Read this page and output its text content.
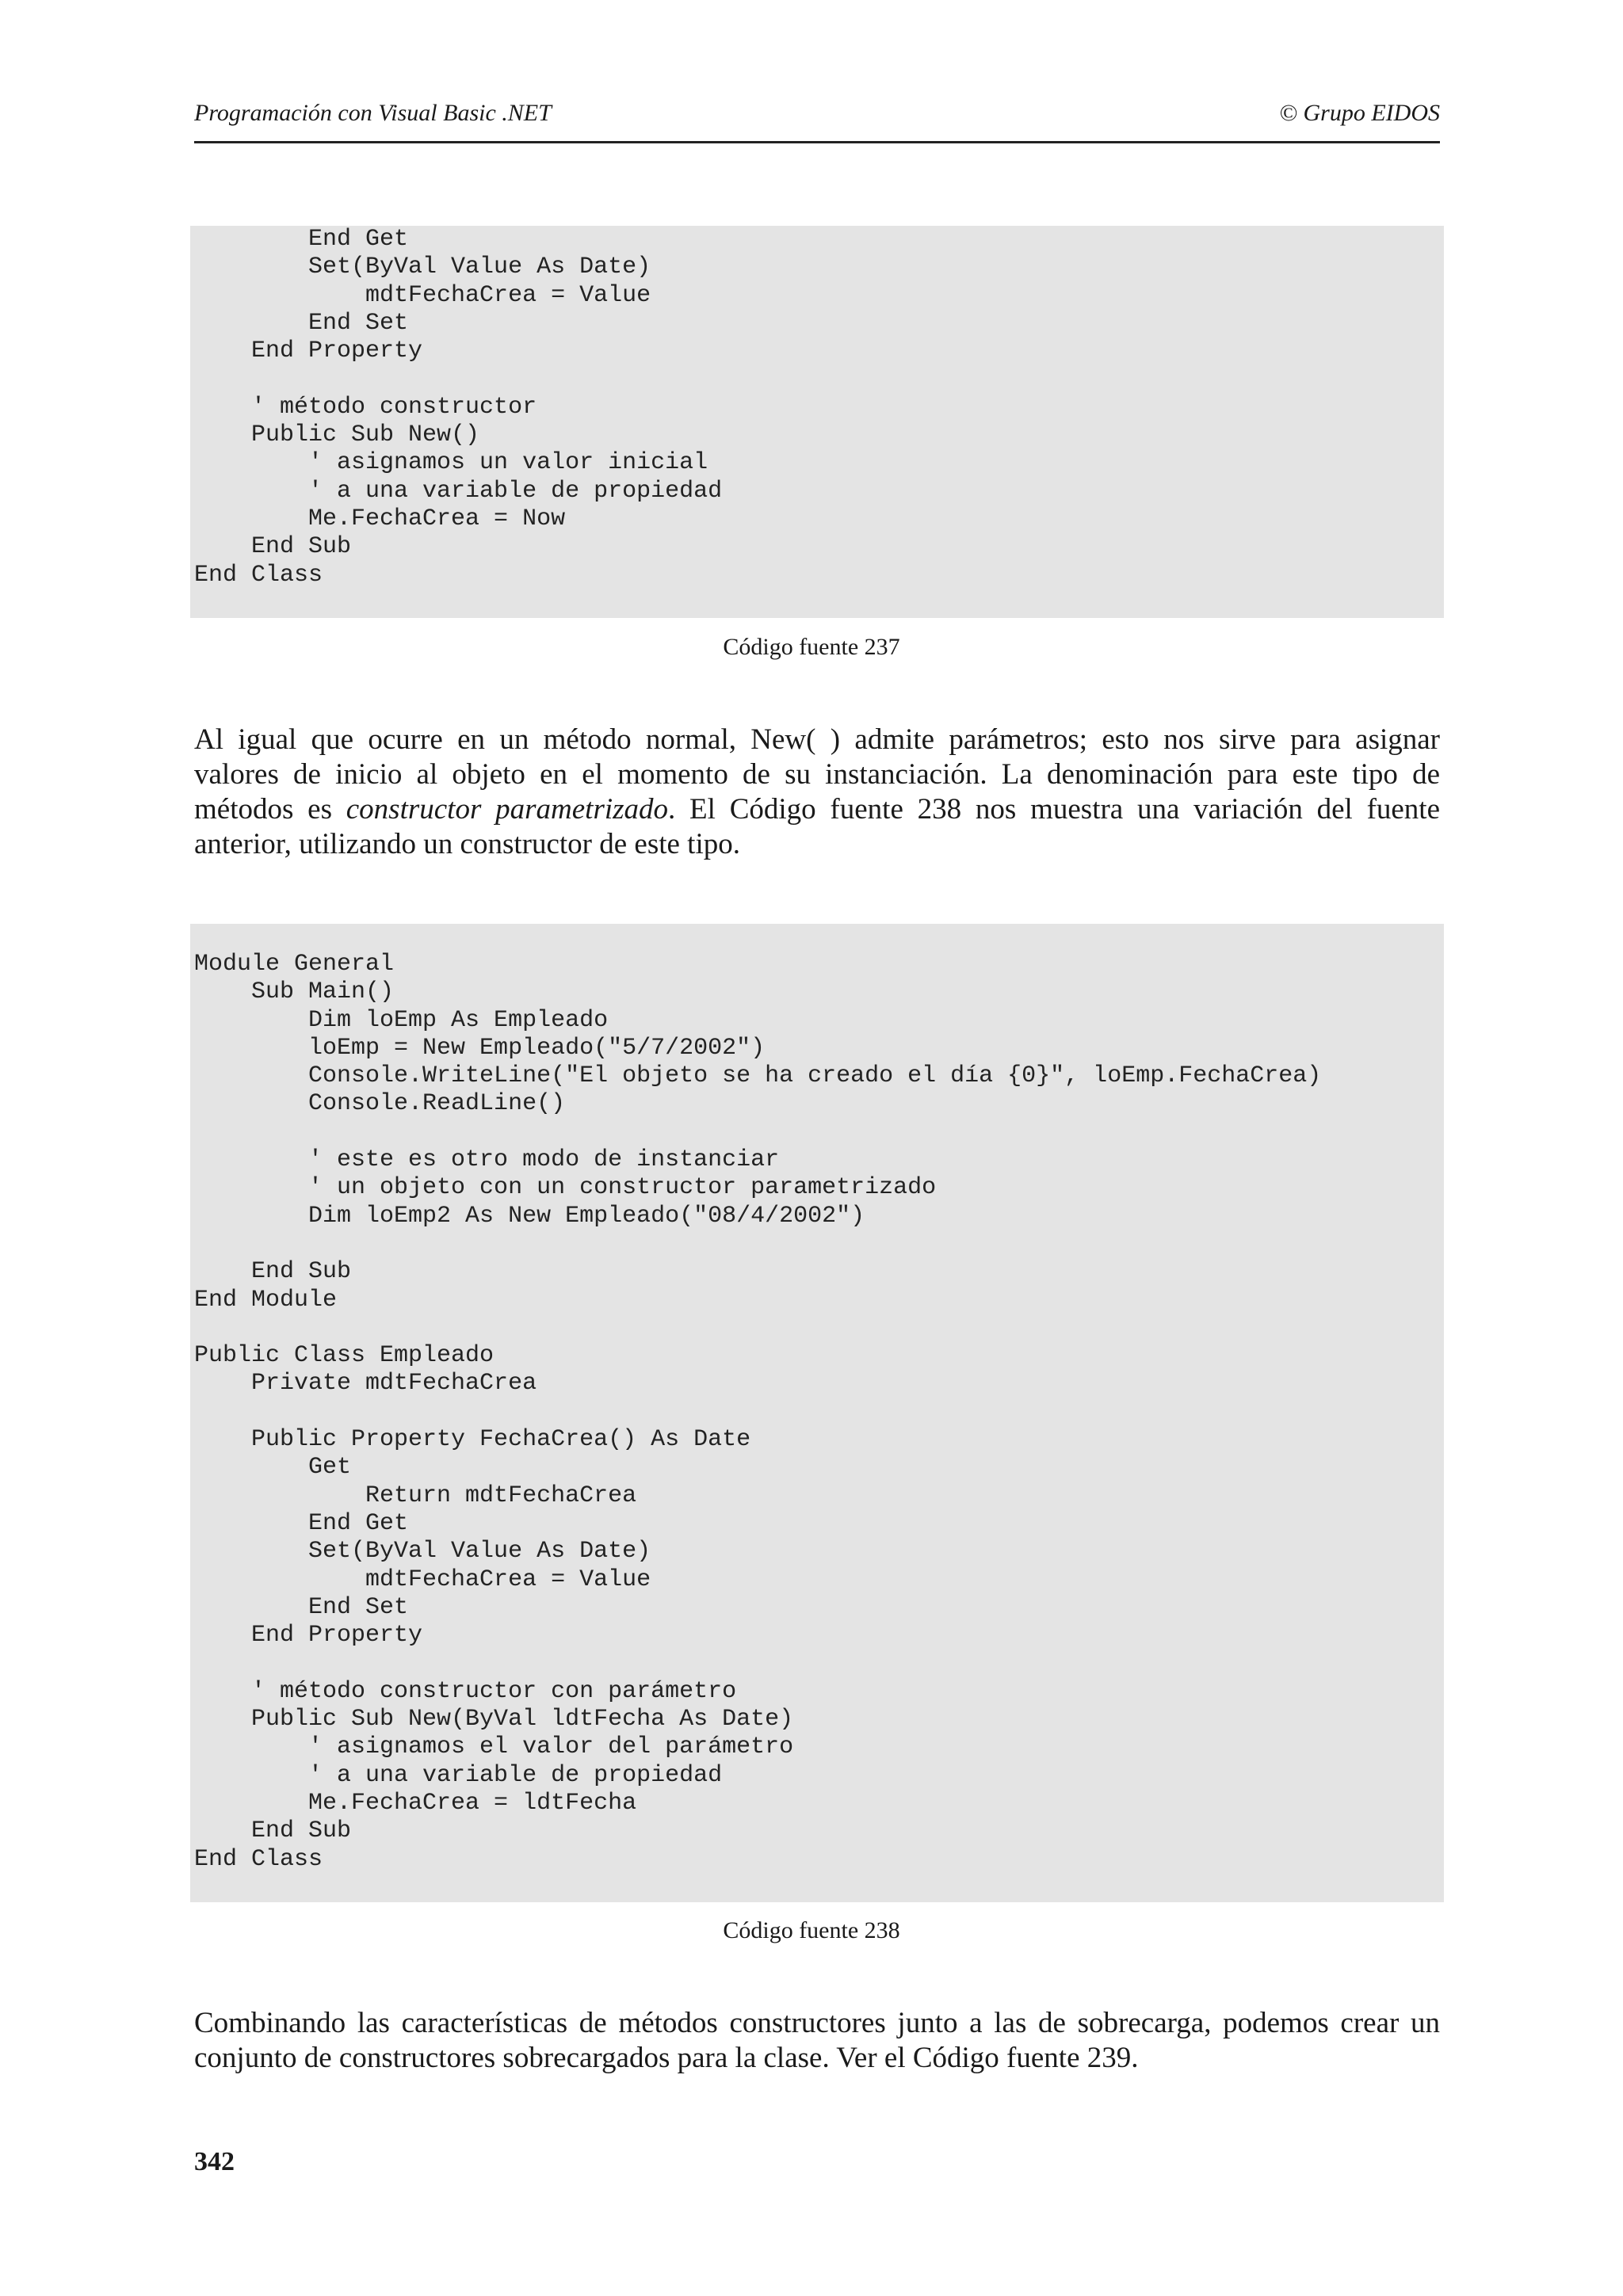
Programación con Visual Basic .NET	© Grupo EIDOS
End Get
Set(ByVal Value As Date)
mdtFechaCrea = Value
End Set
End Property

' método constructor
Public Sub New()
' asignamos un valor inicial
' a una variable de propiedad
Me.FechaCrea = Now
End Sub
End Class
Código fuente 237
Al igual que ocurre en un método normal, New( ) admite parámetros; esto nos sirve para asignar
valores de inicio al objeto en el momento de su instanciación. La denominación para este tipo de
métodos es constructor parametrizado. El Código fuente 238 nos muestra una variación del fuente
anterior, utilizando un constructor de este tipo.
Module General
Sub Main()
Dim loEmp As Empleado
loEmp = New Empleado("5/7/2002")
Console.WriteLine("El objeto se ha creado el día {0}", loEmp.FechaCrea)
Console.ReadLine()

' este es otro modo de instanciar
' un objeto con un constructor parametrizado
Dim loEmp2 As New Empleado("08/4/2002")

End Sub
End Module

Public Class Empleado
Private mdtFechaCrea

Public Property FechaCrea() As Date
Get
Return mdtFechaCrea
End Get
Set(ByVal Value As Date)
mdtFechaCrea = Value
End Set
End Property

' método constructor con parámetro
Public Sub New(ByVal ldtFecha As Date)
' asignamos el valor del parámetro
' a una variable de propiedad
Me.FechaCrea = ldtFecha
End Sub
End Class
Código fuente 238
Combinando las características de métodos constructores junto a las de sobrecarga, podemos crear un
conjunto de constructores sobrecargados para la clase. Ver el Código fuente 239.
342
